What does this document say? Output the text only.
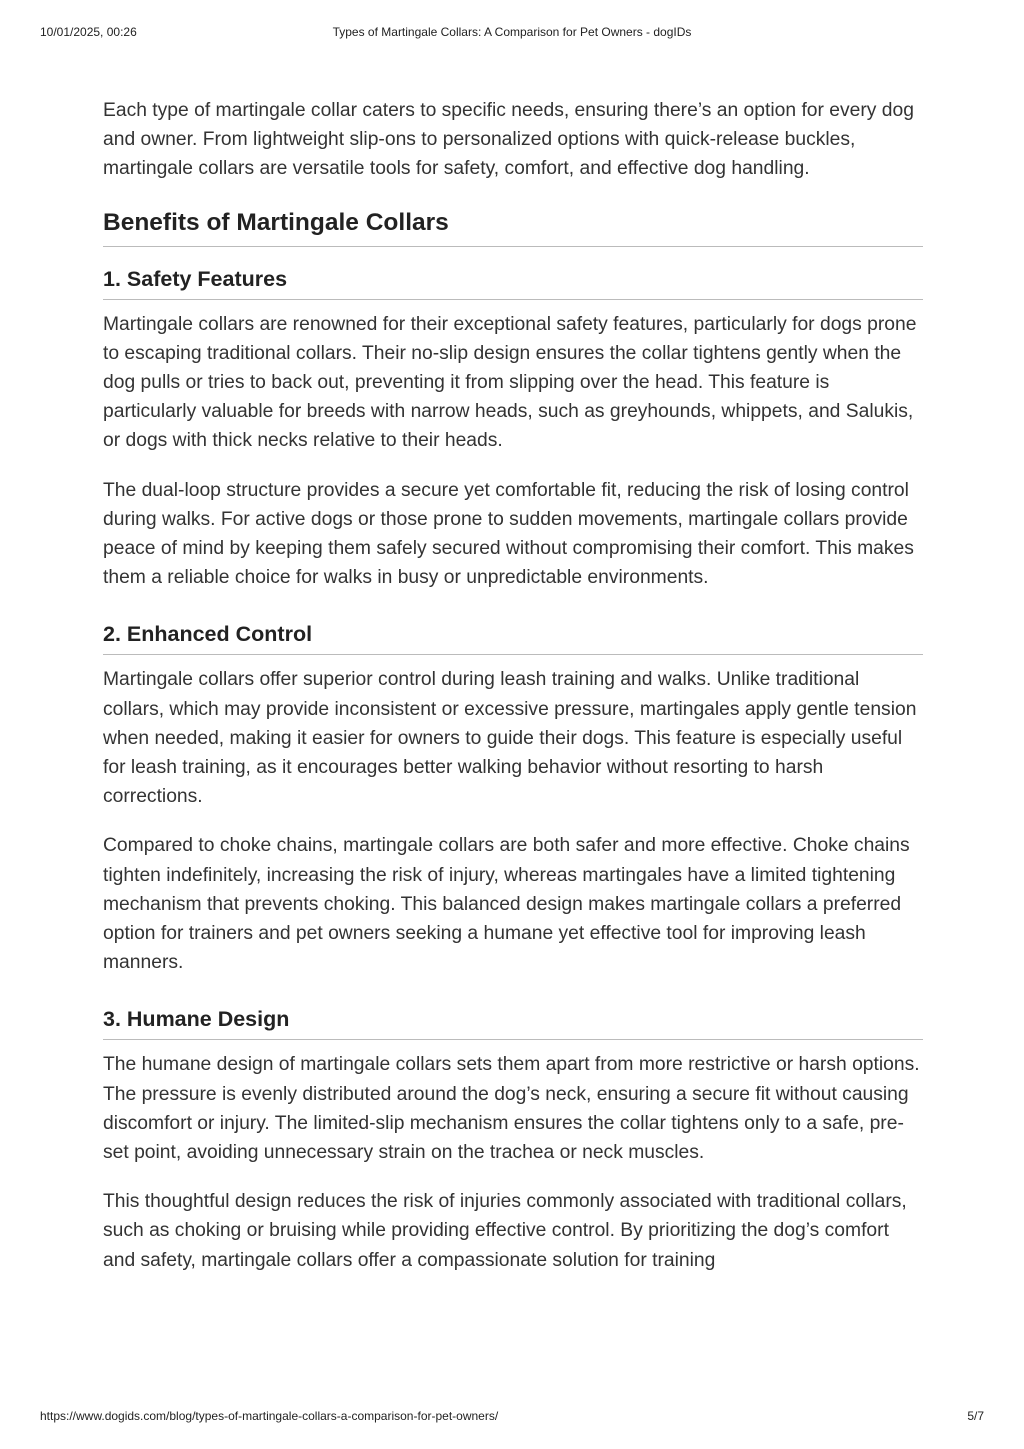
10/01/2025, 00:26	Types of Martingale Collars: A Comparison for Pet Owners - dogIDs

Each type of martingale collar caters to specific needs, ensuring there’s an option for every dog and owner. From lightweight slip-ons to personalized options with quick-release buckles, martingale collars are versatile tools for safety, comfort, and effective dog handling.

Benefits of Martingale Collars
1. Safety Features

Martingale collars are renowned for their exceptional safety features, particularly for dogs prone to escaping traditional collars. Their no-slip design ensures the collar tightens gently when the dog pulls or tries to back out, preventing it from slipping over the head. This feature is particularly valuable for breeds with narrow heads, such as greyhounds, whippets, and Salukis, or dogs with thick necks relative to their heads.

The dual-loop structure provides a secure yet comfortable fit, reducing the risk of losing control during walks. For active dogs or those prone to sudden movements, martingale collars provide peace of mind by keeping them safely secured without compromising their comfort. This makes them a reliable choice for walks in busy or unpredictable environments.

2. Enhanced Control

Martingale collars offer superior control during leash training and walks. Unlike traditional collars, which may provide inconsistent or excessive pressure, martingales apply gentle tension when needed, making it easier for owners to guide their dogs. This feature is especially useful for leash training, as it encourages better walking behavior without resorting to harsh corrections.

Compared to choke chains, martingale collars are both safer and more effective. Choke chains tighten indefinitely, increasing the risk of injury, whereas martingales have a limited tightening mechanism that prevents choking. This balanced design makes martingale collars a preferred option for trainers and pet owners seeking a humane yet effective tool for improving leash manners.

3. Humane Design

The humane design of martingale collars sets them apart from more restrictive or harsh options. The pressure is evenly distributed around the dog’s neck, ensuring a secure fit without causing discomfort or injury. The limited-slip mechanism ensures the collar tightens only to a safe, pre-set point, avoiding unnecessary strain on the trachea or neck muscles.

This thoughtful design reduces the risk of injuries commonly associated with traditional collars, such as choking or bruising while providing effective control. By prioritizing the dog’s comfort and safety, martingale collars offer a compassionate solution for training

https://www.dogids.com/blog/types-of-martingale-collars-a-comparison-for-pet-owners/	5/7
